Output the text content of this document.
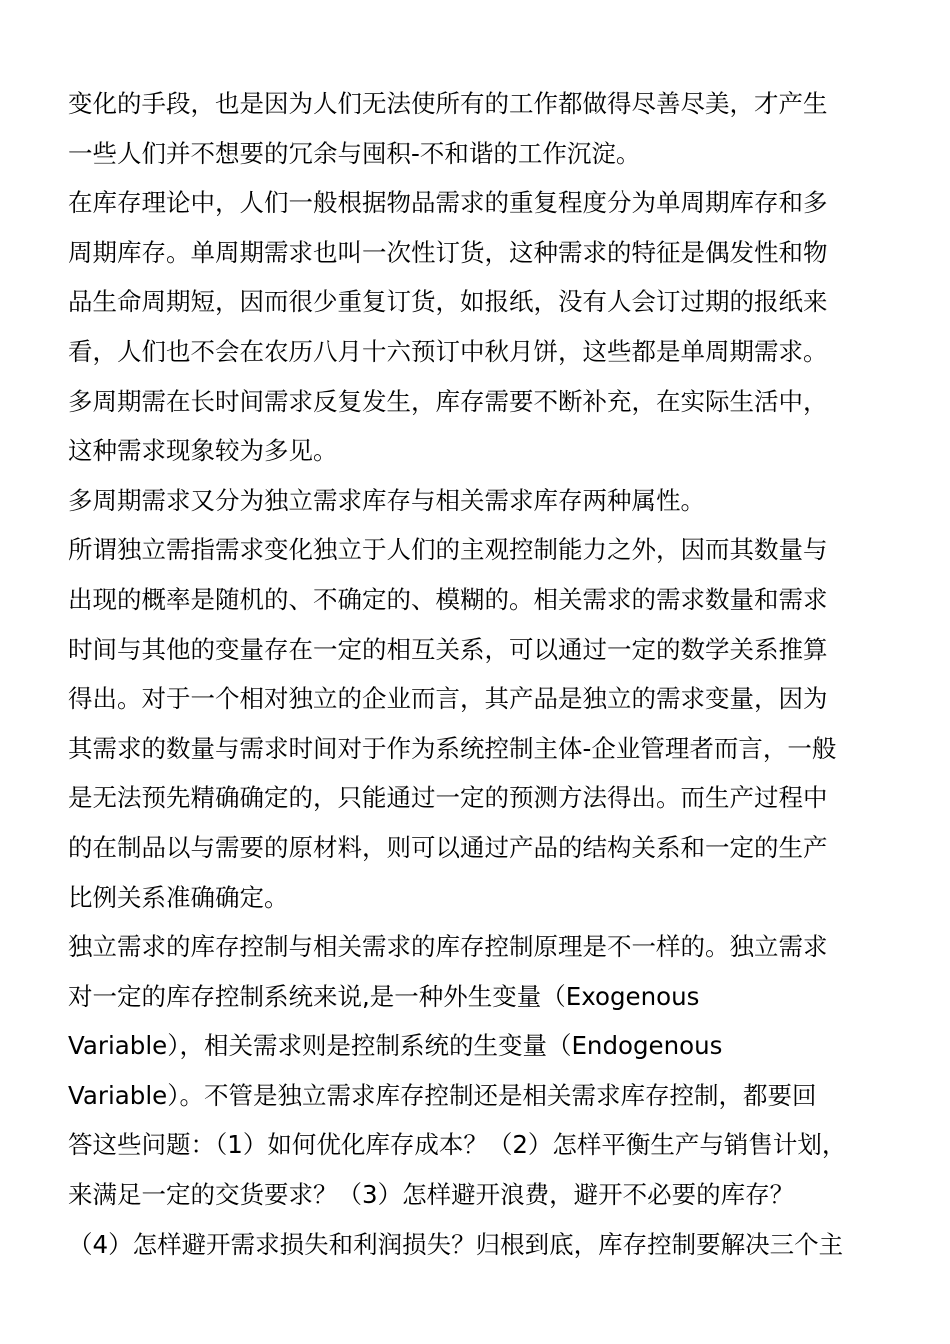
变化的手段，也是因为人们无法使所有的工作都做得尽善尽美，才产生
一些人们并不想要的冗余与囤积-不和谐的工作沉淀。
在库存理论中，人们一般根据物品需求的重复程度分为单周期库存和多
周期库存。单周期需求也叫一次性订货，这种需求的特征是偶发性和物
品生命周期短，因而很少重复订货，如报纸，没有人会订过期的报纸来
看，人们也不会在农历八月十六预订中秋月饼，这些都是单周期需求。
多周期需在长时间需求反复发生，库存需要不断补充，在实际生活中，
这种需求现象较为多见。
多周期需求又分为独立需求库存与相关需求库存两种属性。
所谓独立需指需求变化独立于人们的主观控制能力之外，因而其数量与
出现的概率是随机的、不确定的、模糊的。相关需求的需求数量和需求
时间与其他的变量存在一定的相互关系，可以通过一定的数学关系推算
得出。对于一个相对独立的企业而言，其产品是独立的需求变量，因为
其需求的数量与需求时间对于作为系统控制主体-企业管理者而言，一般
是无法预先精确确定的，只能通过一定的预测方法得出。而生产过程中
的在制品以与需要的原材料，则可以通过产品的结构关系和一定的生产
比例关系准确确定。
独立需求的库存控制与相关需求的库存控制原理是不一样的。独立需求
对一定的库存控制系统来说,是一种外生变量（Exogenous
Variable），相关需求则是控制系统的生变量（Endogenous
Variable）。不管是独立需求库存控制还是相关需求库存控制，都要回
答这些问题：（1）如何优化库存成本？（2）怎样平衡生产与销售计划，
来满足一定的交货要求？（3）怎样避开浪费，避开不必要的库存？
（4）怎样避开需求损失和利润损失？归根到底，库存控制要解决三个主
